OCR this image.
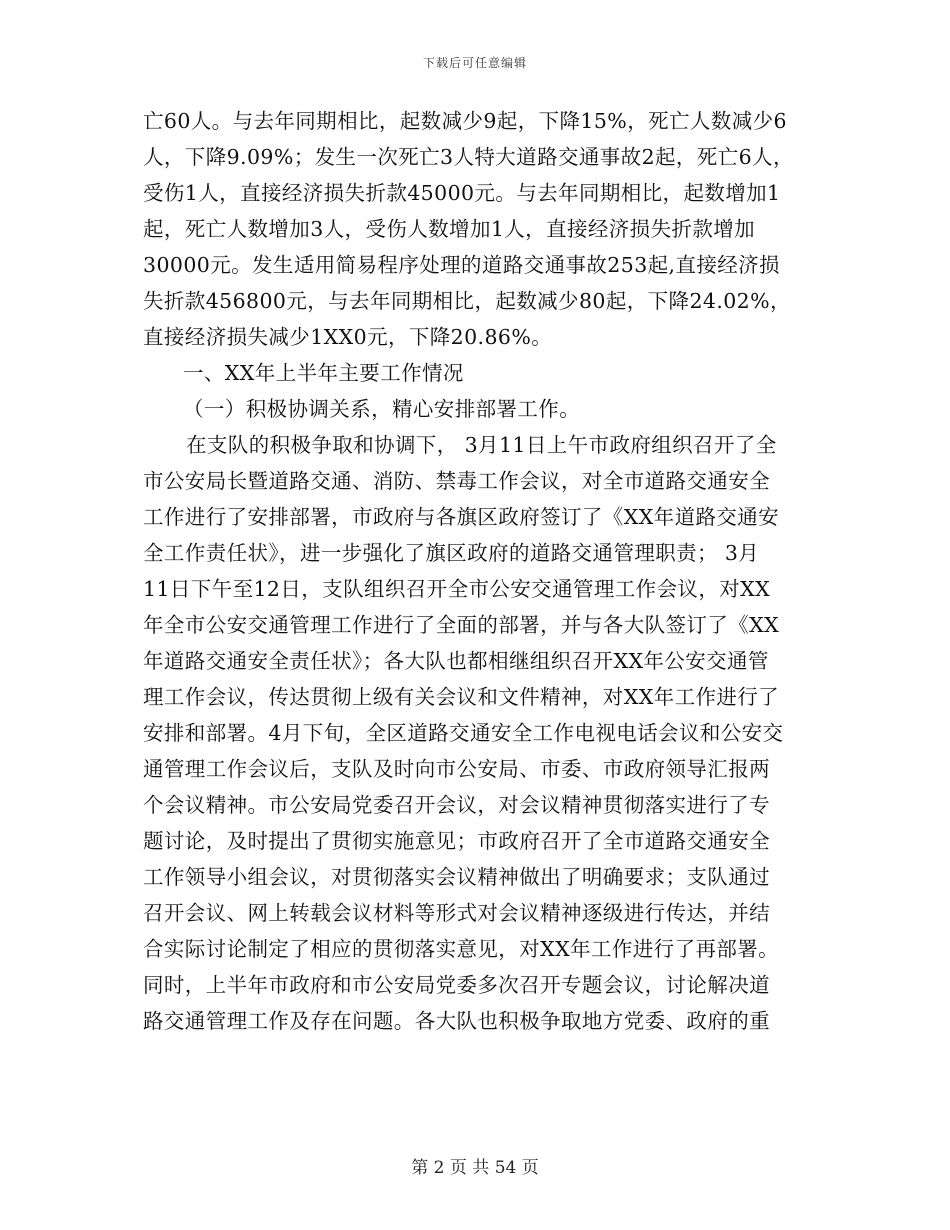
下载后可任意编辑
亡60人。与去年同期相比，起数减少9起，下降15%，死亡人数减少6
人，下降9.09%；发生一次死亡3人特大道路交通事故2起，死亡6人，
受伤1人，直接经济损失折款45000元。与去年同期相比，起数增加1
起，死亡人数增加3人，受伤人数增加1人，直接经济损失折款增加
30000元。发生适用简易程序处理的道路交通事故253起,直接经济损
失折款456800元，与去年同期相比，起数减少80起，下降24.02%，
直接经济损失减少1XX0元，下降20.86%。
一、XX年上半年主要工作情况
（一）积极协调关系，精心安排部署工作。
在支队的积极争取和协调下， 3月11日上午市政府组织召开了全
市公安局长暨道路交通、消防、禁毒工作会议，对全市道路交通安全
工作进行了安排部署，市政府与各旗区政府签订了《XX年道路交通安
全工作责任状》，进一步强化了旗区政府的道路交通管理职责； 3月
11日下午至12日，支队组织召开全市公安交通管理工作会议，对XX
年全市公安交通管理工作进行了全面的部署，并与各大队签订了《XX
年道路交通安全责任状》；各大队也都相继组织召开XX年公安交通管
理工作会议，传达贯彻上级有关会议和文件精神，对XX年工作进行了
安排和部署。4月下旬，全区道路交通安全工作电视电话会议和公安交
通管理工作会议后，支队及时向市公安局、市委、市政府领导汇报两
个会议精神。市公安局党委召开会议，对会议精神贯彻落实进行了专
题讨论，及时提出了贯彻实施意见；市政府召开了全市道路交通安全
工作领导小组会议，对贯彻落实会议精神做出了明确要求；支队通过
召开会议、网上转载会议材料等形式对会议精神逐级进行传达，并结
合实际讨论制定了相应的贯彻落实意见，对XX年工作进行了再部署。
同时，上半年市政府和市公安局党委多次召开专题会议，讨论解决道
路交通管理工作及存在问题。各大队也积极争取地方党委、政府的重
第 2 页 共 54 页
